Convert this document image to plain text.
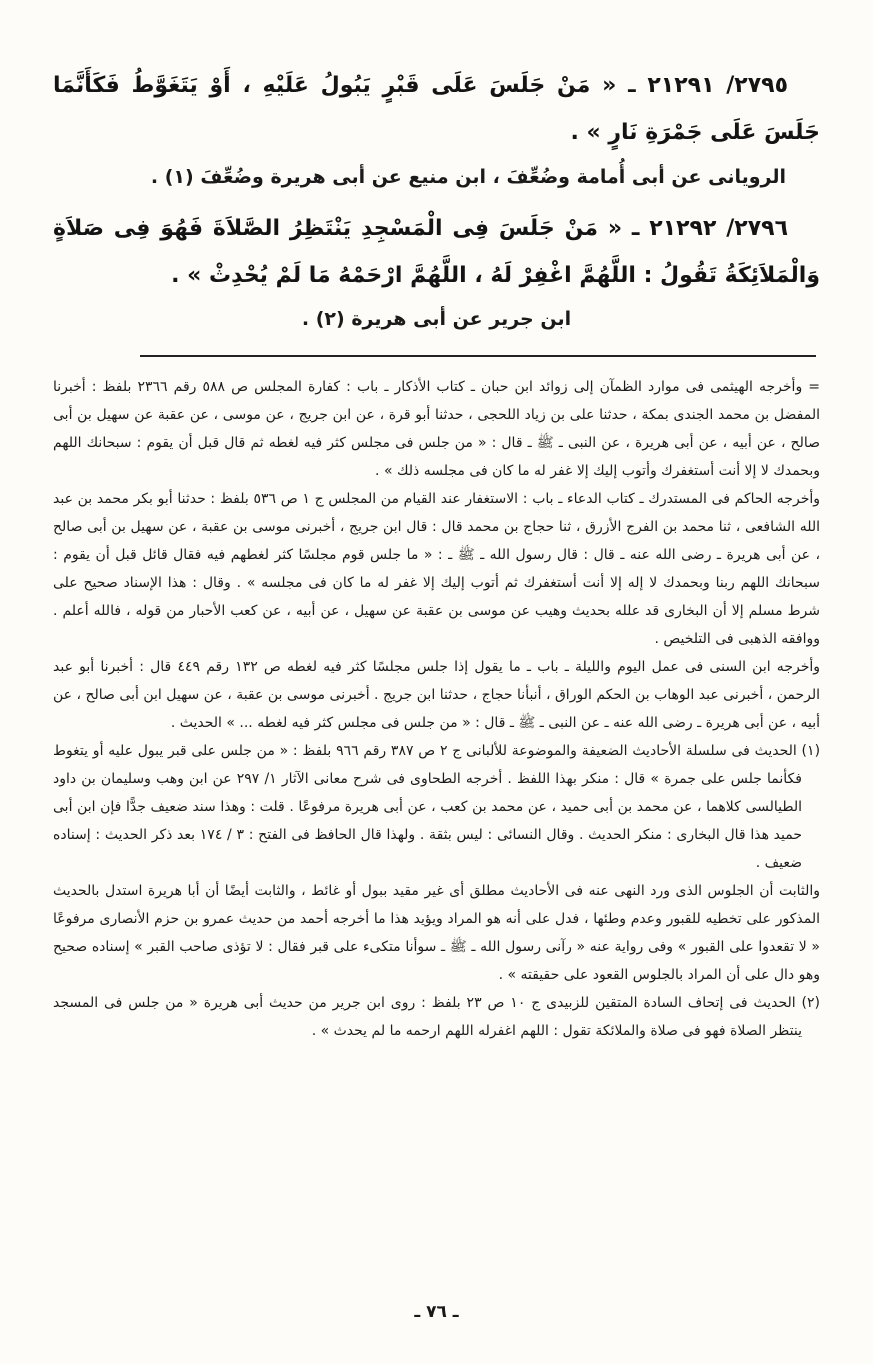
٢٧٩٥/ ٢١٢٩١ ـ « مَنْ جَلَسَ عَلَى قَبْرٍ يَبُولُ عَلَيْهِ ، أَوْ يَتَغَوَّطُ فَكَأَنَّمَا جَلَسَ عَلَى جَمْرَةِ نَارٍ » .

الرويانى عن أبى أُمامة وضُعِّفَ ، ابن منيع عن أبى هريرة وضُعِّفَ (١) .

٢٧٩٦/ ٢١٢٩٢ ـ « مَنْ جَلَسَ فِى الْمَسْجِدِ يَنْتَظِرُ الصَّلاَةَ فَهُوَ فِى صَلاَةٍ وَالْمَلاَئِكَةُ تَقُولُ : اللَّهُمَّ اغْفِرْ لَهُ ، اللَّهُمَّ ارْحَمْهُ مَا لَمْ يُحْدِثْ » .

ابن جرير عن أبى هريرة (٢) .

= وأخرجه الهيثمى فى موارد الظمآن إلى زوائد ابن حبان ـ كتاب الأذكار ـ باب : كفارة المجلس ص ٥٨٨ رقم ٢٣٦٦ بلفظ : أخبرنا المفضل بن محمد الجندى بمكة ، حدثنا على بن زياد اللحجى ، حدثنا أبو قرة ، عن ابن جريج ، عن موسى ، عن عقبة عن سهيل بن أبى صالح ، عن أبيه ، عن أبى هريرة ، عن النبى ـ ﷺ ـ قال : « من جلس فى مجلس كثر فيه لغطه ثم قال قبل أن يقوم : سبحانك اللهم وبحمدك لا إلا أنت أستغفرك وأتوب إليك إلا غفر له ما كان فى مجلسه ذلك » .

وأخرجه الحاكم فى المستدرك ـ كتاب الدعاء ـ باب : الاستغفار عند القيام من المجلس ج ١ ص ٥٣٦ بلفظ : حدثنا أبو بكر محمد بن عبد الله الشافعى ، ثنا محمد بن الفرج الأزرق ، ثنا حجاج بن محمد قال : قال ابن جريج ، أخبرنى موسى بن عقبة ، عن سهيل بن أبى صالح ، عن أبى هريرة ـ رضى الله عنه ـ قال : قال رسول الله ـ ﷺ ـ : « ما جلس قوم مجلسًا كثر لغطهم فيه فقال قائل قبل أن يقوم : سبحانك اللهم ربنا وبحمدك لا إله إلا أنت أستغفرك ثم أتوب إليك إلا غفر له ما كان فى مجلسه » . وقال : هذا الإسناد صحيح على شرط مسلم إلا أن البخارى قد علله بحديث وهيب عن موسى بن عقبة عن سهيل ، عن أبيه ، عن كعب الأحبار من قوله ، فالله أعلم . ووافقه الذهبى فى التلخيص .

وأخرجه ابن السنى فى عمل اليوم والليلة ـ باب ـ ما يقول إذا جلس مجلسًا كثر فيه لغطه ص ١٣٢ رقم ٤٤٩ قال : أخبرنا أبو عبد الرحمن ، أخبرنى عبد الوهاب بن الحكم الوراق ، أنبأنا حجاج ، حدثنا ابن جريج . أخبرنى موسى بن عقبة ، عن سهيل ابن أبى صالح ، عن أبيه ، عن أبى هريرة ـ رضى الله عنه ـ عن النبى ـ ﷺ ـ قال : « من جلس فى مجلس كثر فيه لغطه ... » الحديث .

(١) الحديث فى سلسلة الأحاديث الضعيفة والموضوعة للألبانى ج ٢ ص ٣٨٧ رقم ٩٦٦ بلفظ : « من جلس على قبر يبول عليه أو يتغوط فكأنما جلس على جمرة » قال : منكر بهذا اللفظ . أخرجه الطحاوى فى شرح معانى الآثار ١/ ٢٩٧ عن ابن وهب وسليمان بن داود الطيالسى كلاهما ، عن محمد بن أبى حميد ، عن محمد بن كعب ، عن أبى هريرة مرفوعًا . قلت : وهذا سند ضعيف جدًّا فإن ابن أبى حميد هذا قال البخارى : منكر الحديث . وقال النسائى : ليس بثقة . ولهذا قال الحافظ فى الفتح : ٣ / ١٧٤ بعد ذكر الحديث : إسناده ضعيف .

والثابت أن الجلوس الذى ورد النهى عنه فى الأحاديث مطلق أى غير مقيد ببول أو غائط ، والثابت أيضًا أن أبا هريرة استدل بالحديث المذكور على تخطيه للقبور وعدم وطئها ، فدل على أنه هو المراد ويؤيد هذا ما أخرجه أحمد من حديث عمرو بن حزم الأنصارى مرفوعًا « لا تقعدوا على القبور » وفى رواية عنه « رآنى رسول الله ـ ﷺ ـ سوأنا متكىء على قبر فقال : لا تؤذى صاحب القبر » إسناده صحيح وهو دال على أن المراد بالجلوس القعود على حقيقته » .

(٢) الحديث فى إتحاف السادة المتقين للزبيدى ج ١٠ ص ٢٣ بلفظ : روى ابن جرير من حديث أبى هريرة « من جلس فى المسجد ينتظر الصلاة فهو فى صلاة والملائكة تقول : اللهم اغفرله اللهم ارحمه ما لم يحدث » .

ـ ٧٦ ـ
